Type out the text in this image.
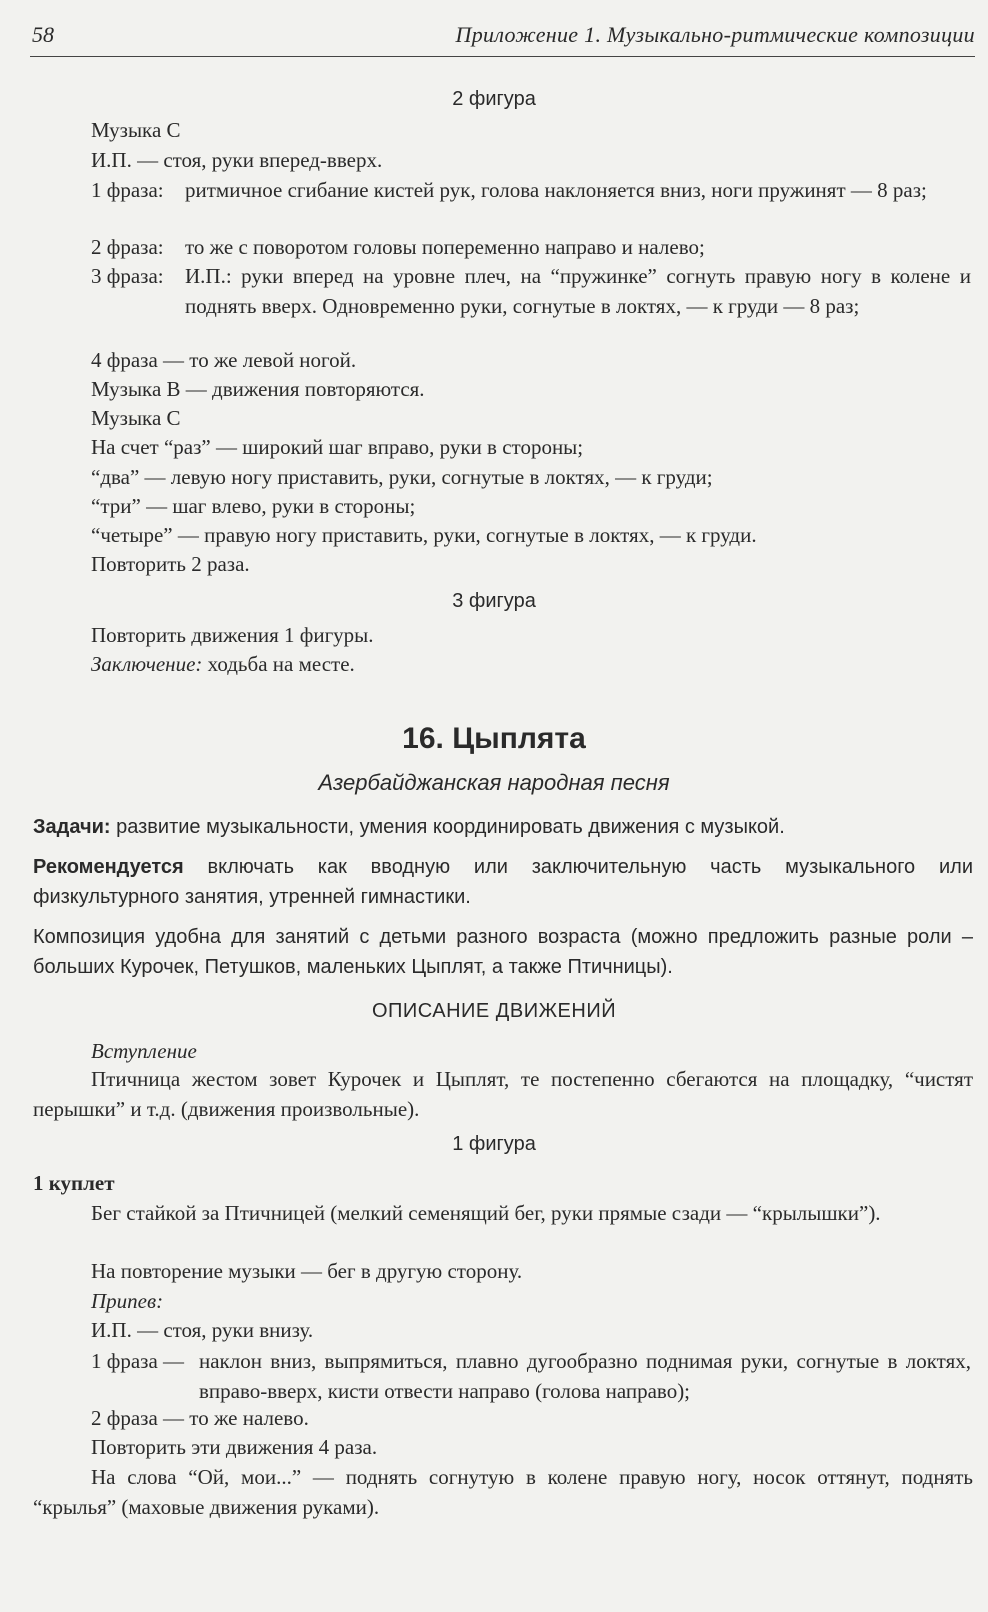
58	Приложение 1. Музыкально-ритмические композиции
2 фигура
Музыка С
И.П. — стоя, руки вперед-вверх.
1 фраза: ритмичное сгибание кистей рук, голова наклоняется вниз, ноги пружинят — 8 раз;
2 фраза: то же с поворотом головы попеременно направо и налево;
3 фраза: И.П.: руки вперед на уровне плеч, на “пружинке” согнуть правую ногу в колене и поднять вверх. Одновременно руки, согнутые в локтях, — к груди — 8 раз;
4 фраза — то же левой ногой.
Музыка В — движения повторяются.
Музыка С
На счет “раз” — широкий шаг вправо, руки в стороны;
“два” — левую ногу приставить, руки, согнутые в локтях, — к груди;
“три” — шаг влево, руки в стороны;
“четыре” — правую ногу приставить, руки, согнутые в локтях, — к груди.
Повторить 2 раза.
3 фигура
Повторить движения 1 фигуры.
Заключение: ходьба на месте.
16. Цыплята
Азербайджанская народная песня
Задачи: развитие музыкальности, умения координировать движения с музыкой.
Рекомендуется включать как вводную или заключительную часть музыкального или физкультурного занятия, утренней гимнастики.
Композиция удобна для занятий с детьми разного возраста (можно предложить разные роли – больших Курочек, Петушков, маленьких Цыплят, а также Птичницы).
ОПИСАНИЕ ДВИЖЕНИЙ
Вступление
Птичница жестом зовет Курочек и Цыплят, те постепенно сбегаются на площадку, “чистят перышки” и т.д. (движения произвольные).
1 фигура
1 куплет
Бег стайкой за Птичницей (мелкий семенящий бег, руки прямые сзади — “крылышки”).
На повторение музыки — бег в другую сторону.
Припев:
И.П. — стоя, руки внизу.
1 фраза — наклон вниз, выпрямиться, плавно дугообразно поднимая руки, согнутые в локтях, вправо-вверх, кисти отвести направо (голова направо);
2 фраза — то же налево.
Повторить эти движения 4 раза.
На слова “Ой, мои...” — поднять согнутую в колене правую ногу, носок оттянут, поднять “крылья” (маховые движения руками).
